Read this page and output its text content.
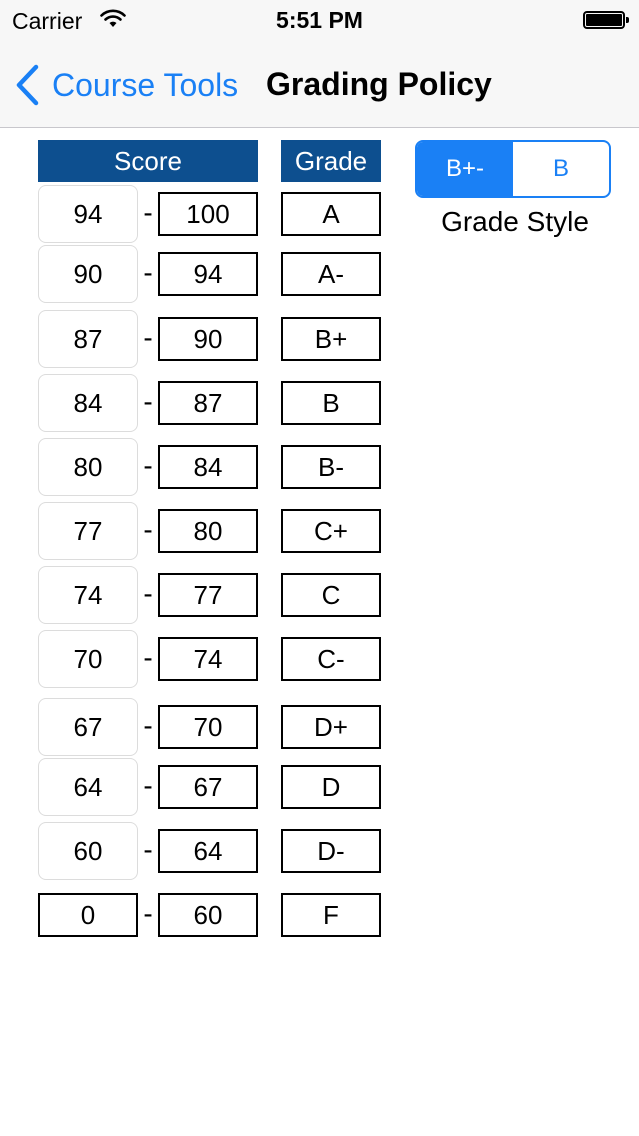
Carrier	5:51 PM
Course Tools Grading Policy
Score	Grade
94	-	100	A
90	-	94	A-
87	-	90	B+
84	-	87	B
80	-	84	B-
77	-	80	C+
74	-	77	C
70	-	74	C-
67	-	70	D+
64	-	67	D
60	-	64	D-
0	-	60	F
B+-	B
Grade Style
